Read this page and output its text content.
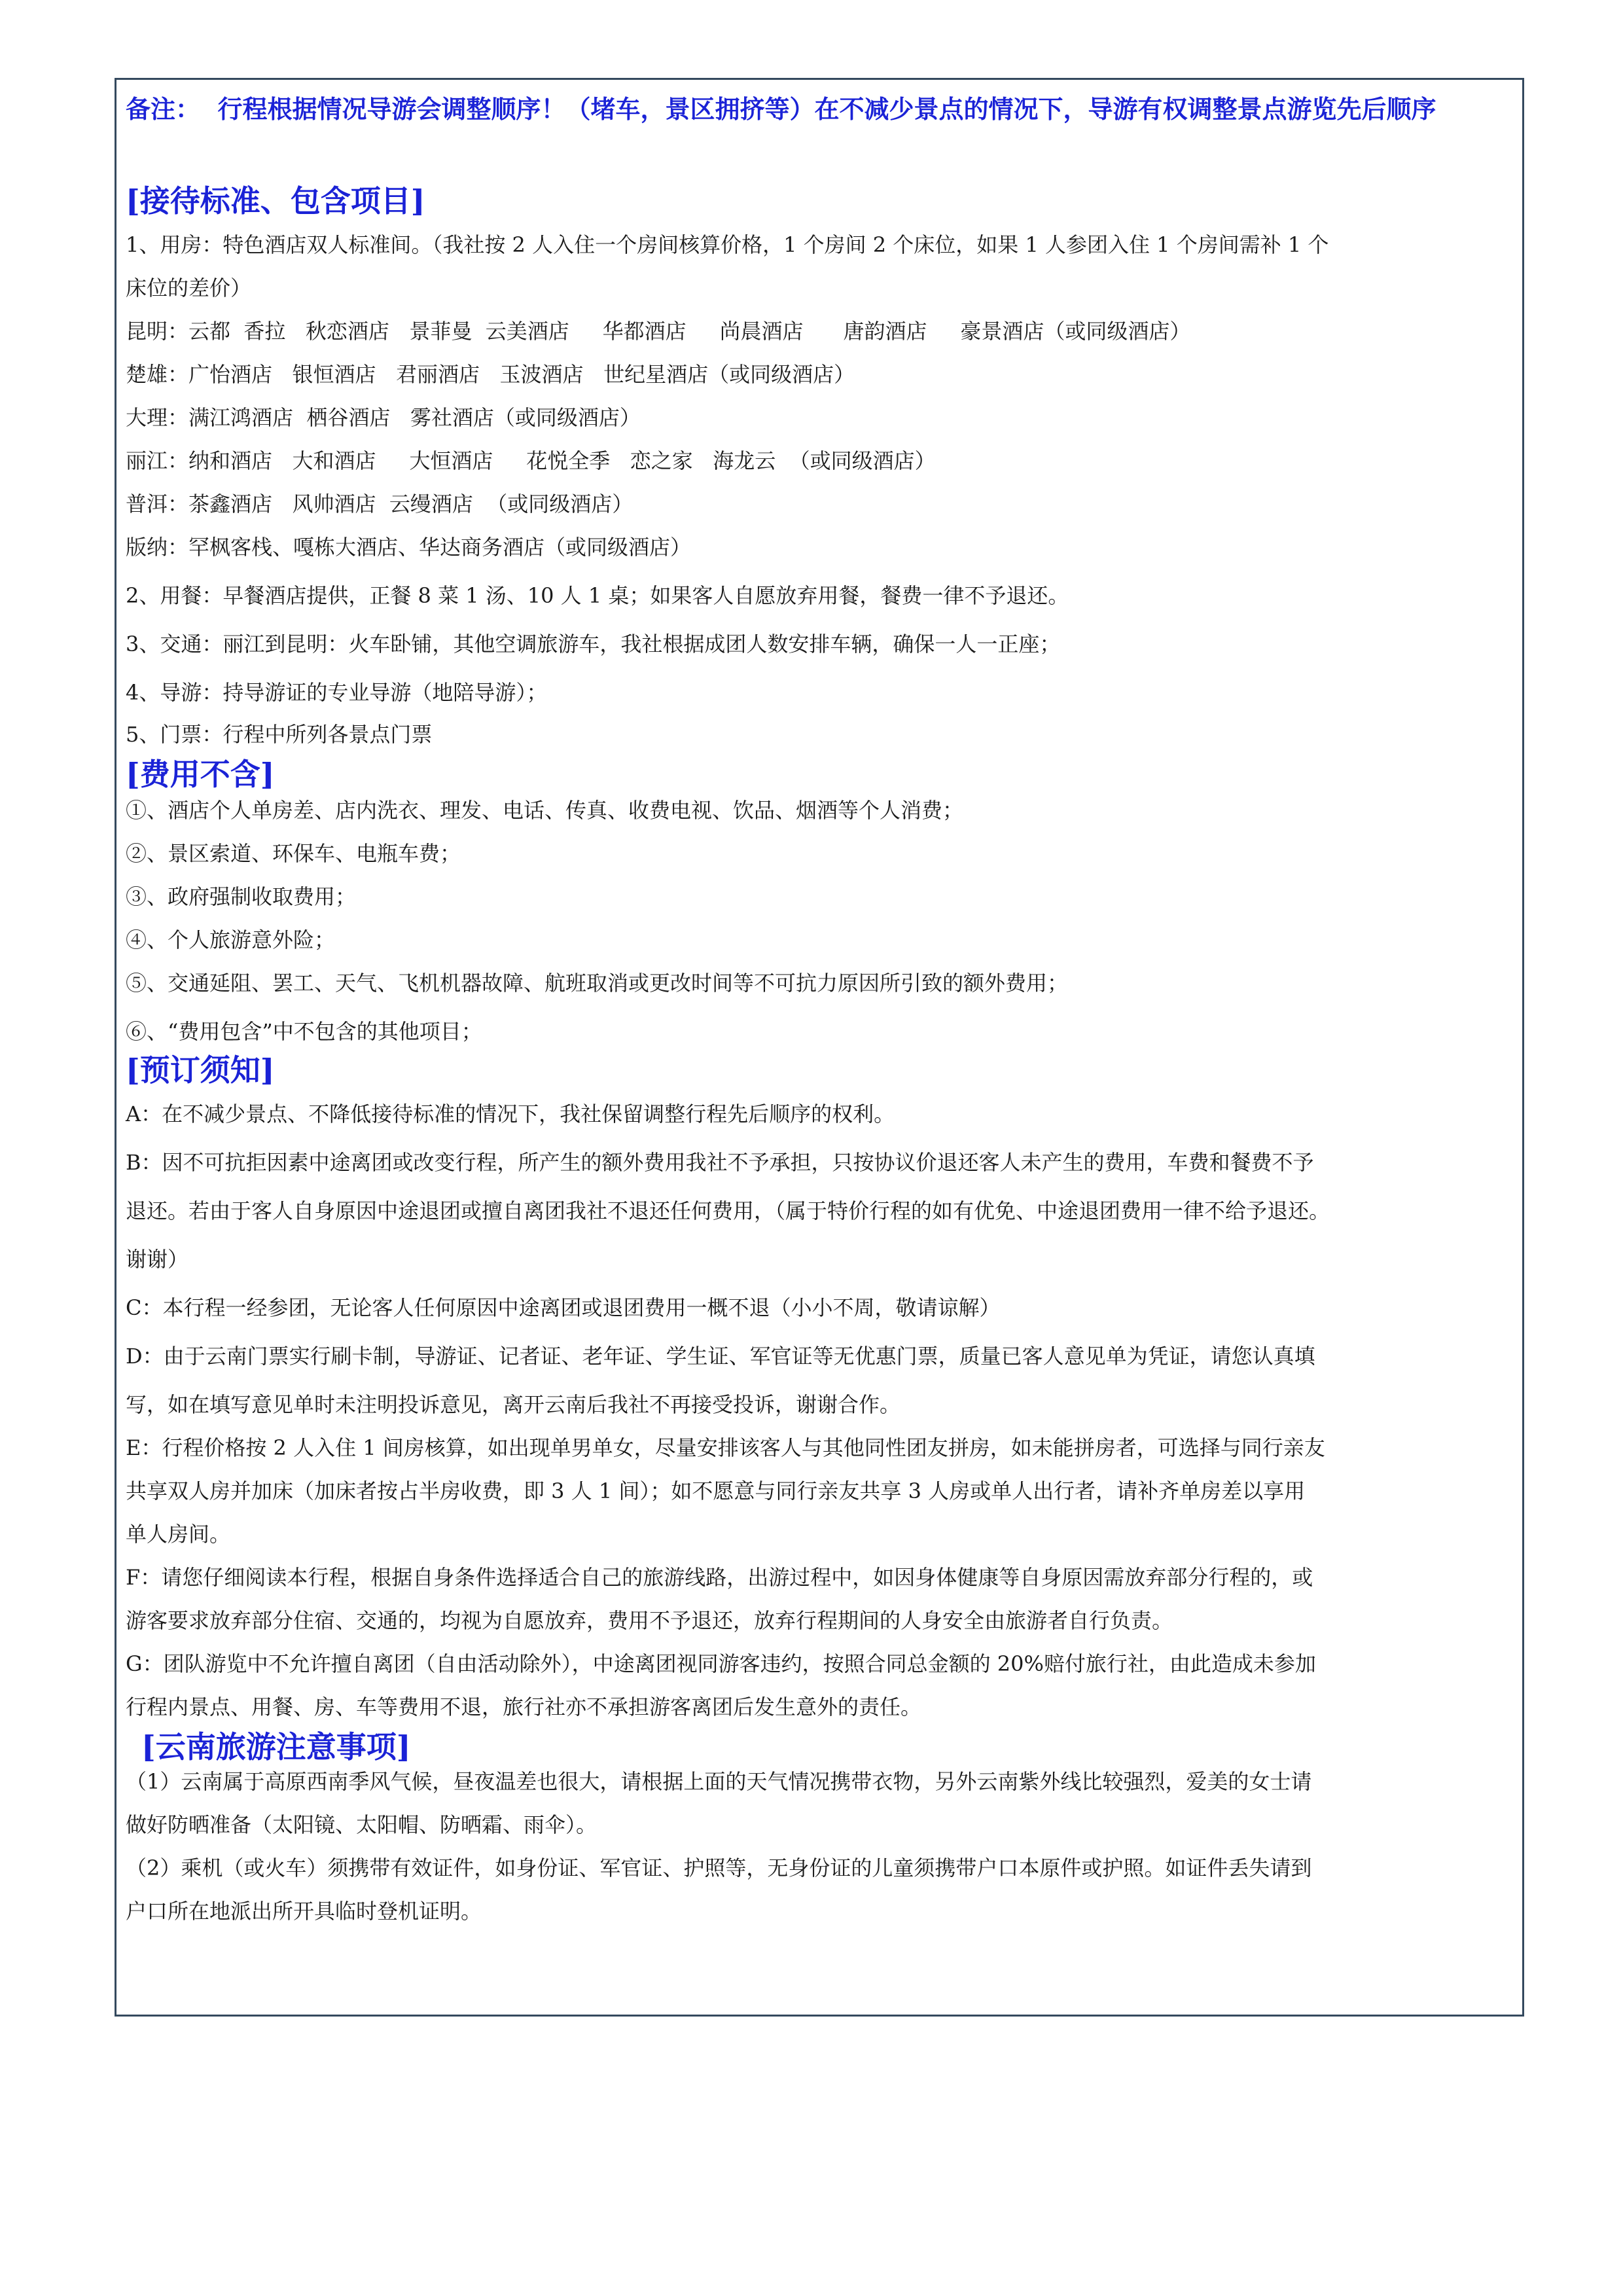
备注：  行程根据情况导游会调整顺序！（堵车，景区拥挤等）在不减少景点的情况下，导游有权调整景点游览先后顺序
[接待标准、包含项目]
1、用房：特色酒店双人标准间。（我社按 2 人入住一个房间核算价格，1 个房间 2 个床位，如果 1 人参团入住 1 个房间需补 1 个
床位的差价）
昆明：云都  香拉   秋恋酒店   景菲曼  云美酒店     华都酒店     尚晨酒店      唐韵酒店     豪景酒店（或同级酒店）
楚雄：广怡酒店   银恒酒店   君丽酒店   玉波酒店   世纪星酒店（或同级酒店）
大理：满江鸿酒店  栖谷酒店   雾社酒店（或同级酒店）
丽江：纳和酒店   大和酒店     大恒酒店     花悦全季   恋之家   海龙云  （或同级酒店）
普洱：茶鑫酒店   风帅酒店  云缦酒店  （或同级酒店）
版纳：罕枫客栈、嘎栋大酒店、华达商务酒店（或同级酒店）
2、用餐：早餐酒店提供，正餐 8 菜 1 汤、10 人 1 桌；如果客人自愿放弃用餐，餐费一律不予退还。
3、交通：丽江到昆明：火车卧铺，其他空调旅游车，我社根据成团人数安排车辆，确保一人一正座；
4、导游：持导游证的专业导游（地陪导游）；
5、门票：行程中所列各景点门票
[费用不含]
①、酒店个人单房差、店内洗衣、理发、电话、传真、收费电视、饮品、烟酒等个人消费；
②、景区索道、环保车、电瓶车费；
③、政府强制收取费用；
④、个人旅游意外险；
⑤、交通延阻、罢工、天气、飞机机器故障、航班取消或更改时间等不可抗力原因所引致的额外费用；
⑥、“费用包含”中不包含的其他项目；
[预订须知]
A：在不减少景点、不降低接待标准的情况下，我社保留调整行程先后顺序的权利。
B：因不可抗拒因素中途离团或改变行程，所产生的额外费用我社不予承担，只按协议价退还客人未产生的费用，车费和餐费不予
退还。若由于客人自身原因中途退团或擅自离团我社不退还任何费用，（属于特价行程的如有优免、中途退团费用一律不给予退还。
谢谢）
C：本行程一经参团，无论客人任何原因中途离团或退团费用一概不退（小小不周，敬请谅解）
D：由于云南门票实行刷卡制，导游证、记者证、老年证、学生证、军官证等无优惠门票，质量已客人意见单为凭证，请您认真填
写，如在填写意见单时未注明投诉意见，离开云南后我社不再接受投诉，谢谢合作。
E：行程价格按 2 人入住 1 间房核算，如出现单男单女，尽量安排该客人与其他同性团友拼房，如未能拼房者，可选择与同行亲友
共享双人房并加床（加床者按占半房收费，即 3 人 1 间）；如不愿意与同行亲友共享 3 人房或单人出行者，请补齐单房差以享用
单人房间。
F：请您仔细阅读本行程，根据自身条件选择适合自己的旅游线路，出游过程中，如因身体健康等自身原因需放弃部分行程的，或
游客要求放弃部分住宿、交通的，均视为自愿放弃，费用不予退还，放弃行程期间的人身安全由旅游者自行负责。
G：团队游览中不允许擅自离团（自由活动除外），中途离团视同游客违约，按照合同总金额的 20%赔付旅行社，由此造成未参加
行程内景点、用餐、房、车等费用不退，旅行社亦不承担游客离团后发生意外的责任。
[云南旅游注意事项]
（1）云南属于高原西南季风气候，昼夜温差也很大，请根据上面的天气情况携带衣物，另外云南紫外线比较强烈，爱美的女士请
做好防晒准备（太阳镜、太阳帽、防晒霜、雨伞）。
（2）乘机（或火车）须携带有效证件，如身份证、军官证、护照等，无身份证的儿童须携带户口本原件或护照。如证件丢失请到
户口所在地派出所开具临时登机证明。
